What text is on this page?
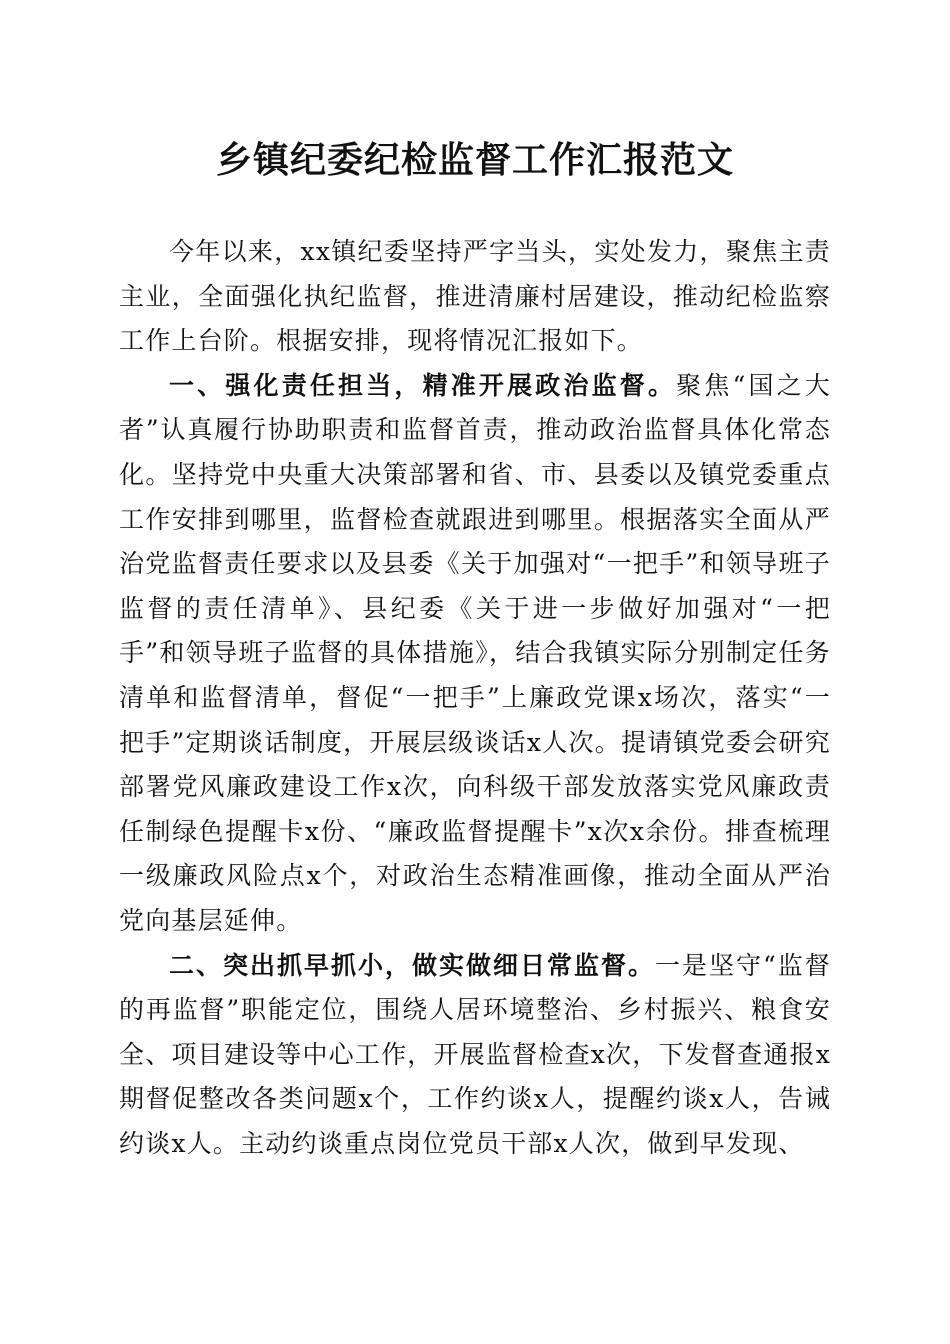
乡镇纪委纪检监督工作汇报范文

今年以来，xx镇纪委坚持严字当头，实处发力，聚焦主责主业，全面强化执纪监督，推进清廉村居建设，推动纪检监察工作上台阶。根据安排，现将情况汇报如下。

一、强化责任担当，精准开展政治监督。聚焦“国之大者”认真履行协助职责和监督首责，推动政治监督具体化常态化。坚持党中央重大决策部署和省、市、县委以及镇党委重点工作安排到哪里，监督检查就跟进到哪里。根据落实全面从严治党监督责任要求以及县委《关于加强对“一把手”和领导班子监督的责任清单》、县纪委《关于进一步做好加强对“一把手”和领导班子监督的具体措施》，结合我镇实际分别制定任务清单和监督清单，督促“一把手”上廉政党课x场次，落实“一把手”定期谈话制度，开展层级谈话x人次。提请镇党委会研究部署党风廉政建设工作x次，向科级干部发放落实党风廉政责任制绿色提醒卡x份、“廉政监督提醒卡”x次x余份。排查梳理一级廉政风险点x个，对政治生态精准画像，推动全面从严治党向基层延伸。

二、突出抓早抓小，做实做细日常监督。一是坚守“监督的再监督”职能定位，围绕人居环境整治、乡村振兴、粮食安全、项目建设等中心工作，开展监督检查x次，下发督查通报x期督促整改各类问题x个，工作约谈x人，提醒约谈x人，告诫约谈x人。主动约谈重点岗位党员干部x人次，做到早发现、
